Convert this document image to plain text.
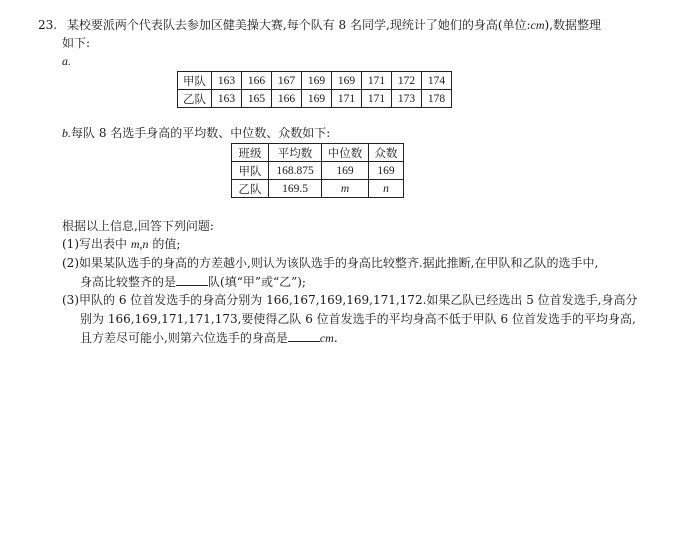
23. 某校要派两个代表队去参加区健美操大赛,每个队有 8 名同学,现统计了她们的身高(单位:cm),数据整理
如下:
a.
甲队	163	166	167	169	169	171	172	174
乙队	163	165	166	169	171	171	173	178
b.每队 8 名选手身高的平均数、中位数、众数如下:
班级	平均数	中位数	众数
甲队	168.875	169	169
乙队	169.5	m	n
根据以上信息,回答下列问题:
(1)写出表中 m,n 的值;
(2)如果某队选手的身高的方差越小,则认为该队选手的身高比较整齐.据此推断,在甲队和乙队的选手中,
身高比较整齐的是	队(填“甲”或“乙”);
(3)甲队的 6 位首发选手的身高分别为 166,167,169,169,171,172.如果乙队已经选出 5 位首发选手,身高分
别为 166,169,171,171,173,要使得乙队 6 位首发选手的平均身高不低于甲队 6 位首发选手的平均身高,
且方差尽可能小,则第六位选手的身高是	cm.
